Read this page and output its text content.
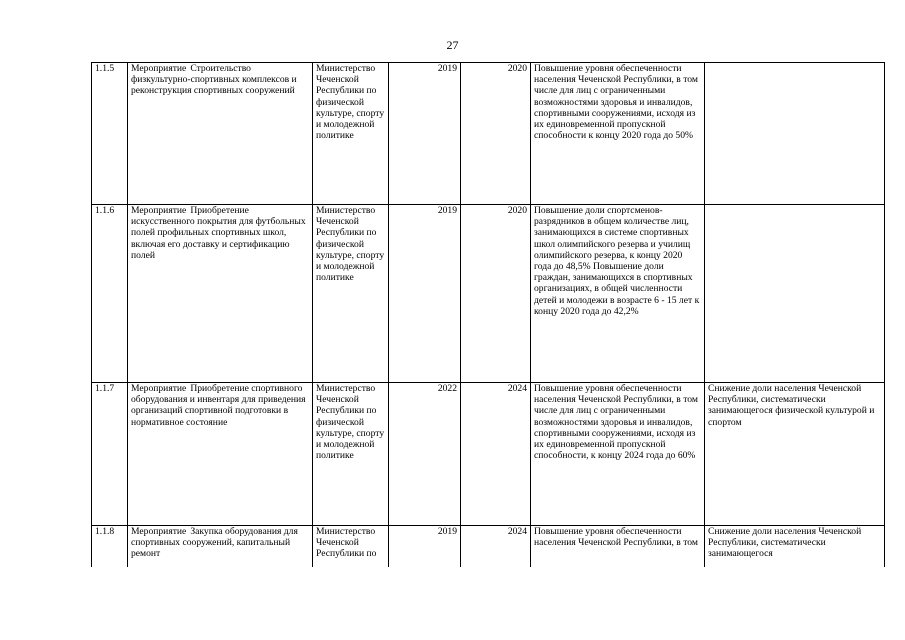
27
1.1.5	Мероприятие Строительство физкультурно-спортивных комплексов и реконструкция спортивных сооружений	Министерство Чеченской Республики по физической культуре, спорту и молодежной политике	2019	2020	Повышение уровня обеспеченности населения Чеченской Республики, в том числе для лиц с ограниченными возможностями здоровья и инвалидов, спортивными сооружениями, исходя из их единовременной пропускной способности к концу 2020 года до 50%	
1.1.6	Мероприятие Приобретение искусственного покрытия для футбольных полей профильных спортивных школ, включая его доставку и сертификацию полей	Министерство Чеченской Республики по физической культуре, спорту и молодежной политике	2019	2020	Повышение доли спортсменов-разрядников в общем количестве лиц, занимающихся в системе спортивных школ олимпийского резерва и училищ олимпийского резерва, к концу 2020 года до 48,5% Повышение доли граждан, занимающихся в спортивных организациях, в общей численности детей и молодежи в возрасте 6 - 15 лет к концу 2020 года до 42,2%	
1.1.7	Мероприятие Приобретение спортивного оборудования и инвентаря для приведения организаций спортивной подготовки в нормативное состояние	Министерство Чеченской Республики по физической культуре, спорту и молодежной политике	2022	2024	Повышение уровня обеспеченности населения Чеченской Республики, в том числе для лиц с ограниченными возможностями здоровья и инвалидов, спортивными сооружениями, исходя из их единовременной пропускной способности, к концу 2024 года до 60%	Снижение доли населения Чеченской Республики, систематически занимающегося физической культурой и спортом
1.1.8	Мероприятие Закупка оборудования для спортивных сооружений, капитальный ремонт	Министерство Чеченской Республики по	2019	2024	Повышение уровня обеспеченности населения Чеченской Республики, в том	Снижение доли населения Чеченской Республики, систематически занимающегося
